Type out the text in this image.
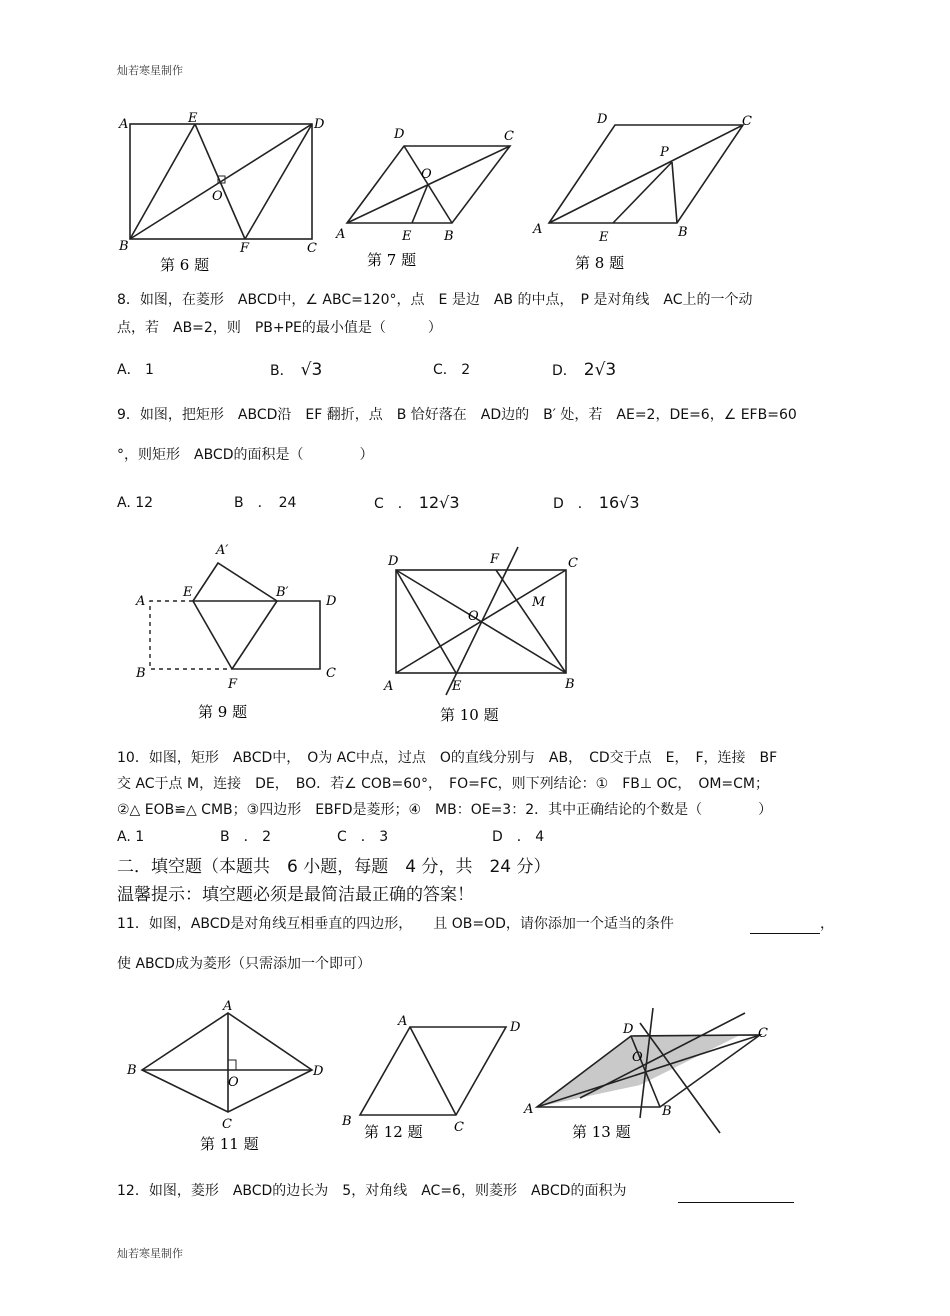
灿若寒星制作
A	E	D
O
B	F	C
第 6 题
D	C
O
A	E	B
第 7 题
D	C
P
A
E	B
第 8 题
8．如图，在菱形　ABCD中，∠ ABC=120°，点　E 是边　AB 的中点，　P 是对角线　AC上的一个动
点，若　AB=2，则　PB+PE的最小值是（　　　）
A． 1	B．　 √3	C． 2	D．　 2√3
9．如图，把矩形　ABCD沿　EF 翻折，点　B 恰好落在　AD边的　B′ 处，若　AE=2，DE=6，∠ EFB=60
°，则矩形　ABCD的面积是（　　　　）
A. 12	B　．　 24	C　．　 12√3	D　．　 16√3
A′
E	B′
A	D
B	C
F
第 9 题
D	F	C
O
M
A	E	B
第 10 题
10．如图，矩形　ABCD中，　O为 AC中点，过点　O的直线分别与　AB，　CD交于点　E，　F，连接　BF
交 AC于点 M，连接　DE，　BO．若∠ COB=60°，　FO=FC，则下列结论：①　FB⊥ OC，　OM=CM；
②△ EOB≌△ CMB；③四边形　EBFD是菱形；④　MB：OE=3：2．其中正确结论的个数是（　　　　）
A. 1	B　． 2	C　． 3	D　． 4
二．填空题（本题共　6 小题，每题　4 分，共　24 分）
温馨提示：填空题必须是最简洁最正确的答案！
11．如图，ABCD是对角线互相垂直的四边形，　　且 OB=OD，请你添加一个适当的条件	，
使 ABCD成为菱形（只需添加一个即可）
A
B
O
D
C
第 11 题
A	D
B	C
第 12 题
D	C
O
A	B
第 13 题
12．如图，菱形　ABCD的边长为　5，对角线　AC=6，则菱形　ABCD的面积为
灿若寒星制作
